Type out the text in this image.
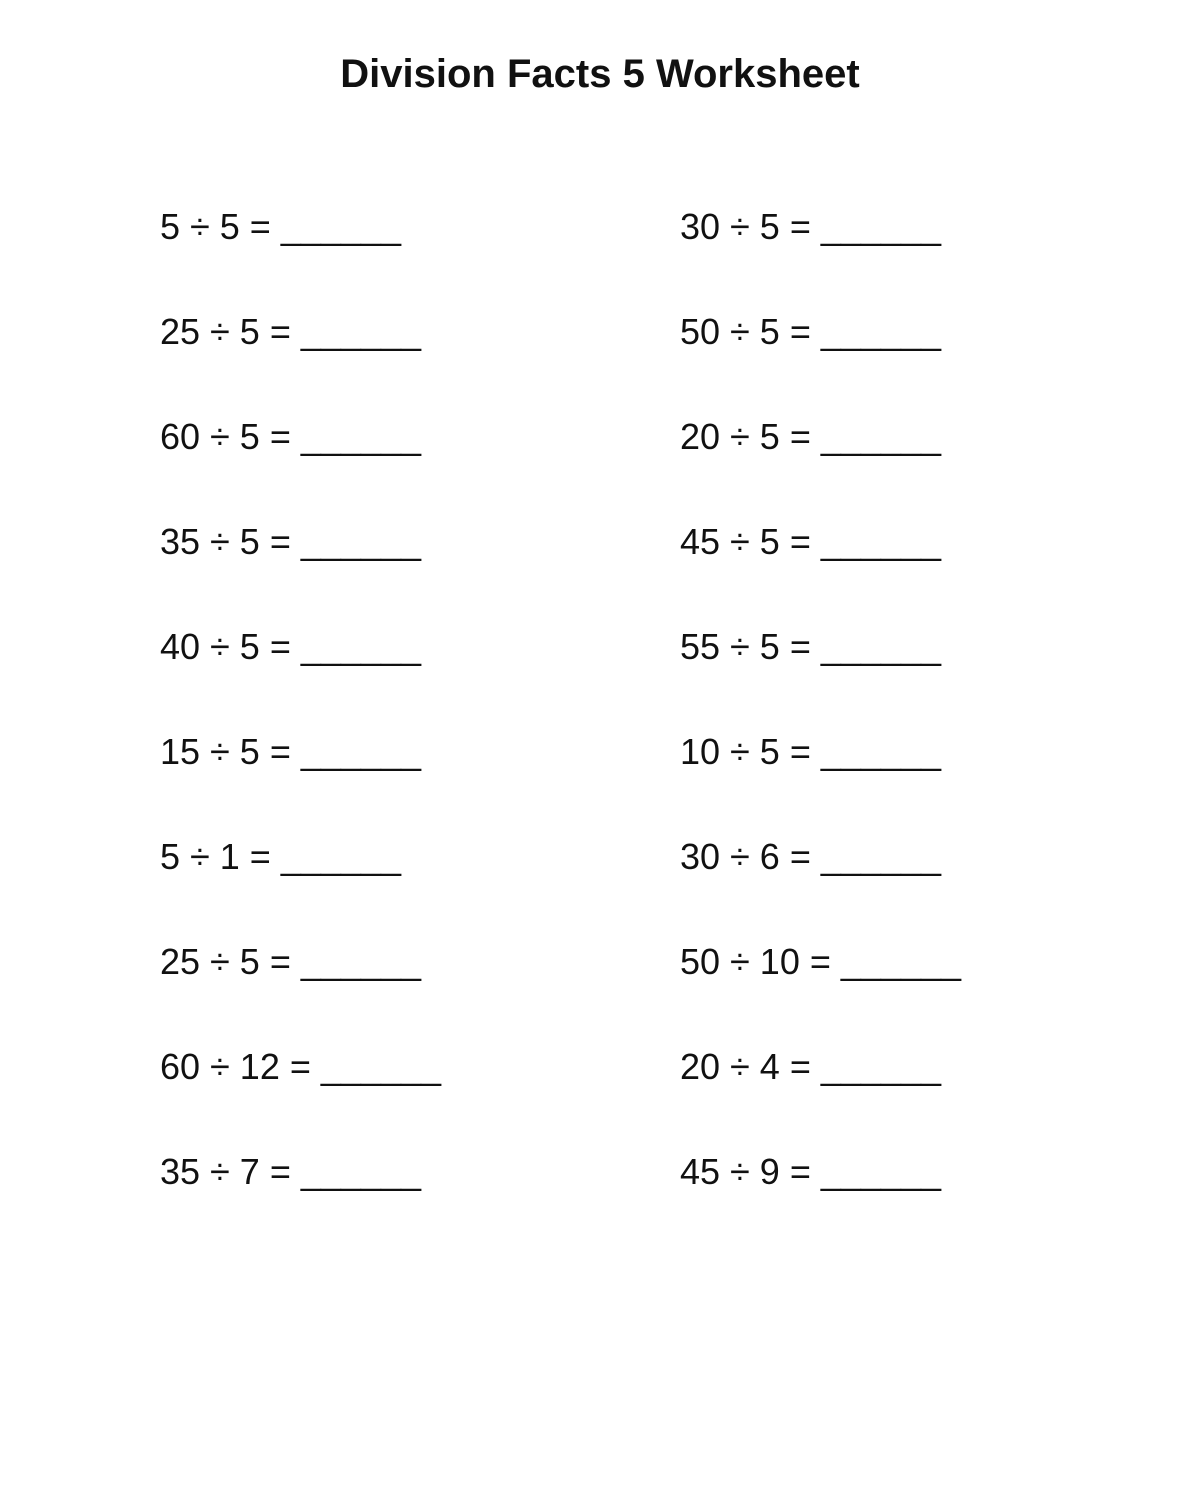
Division Facts 5 Worksheet
5 ÷ 5 = ______	30 ÷ 5 = ______
25 ÷ 5 = ______	50 ÷ 5 = ______
60 ÷ 5 = ______	20 ÷ 5 = ______
35 ÷ 5 = ______	45 ÷ 5 = ______
40 ÷ 5 = ______	55 ÷ 5 = ______
15 ÷ 5 = ______	10 ÷ 5 = ______
5 ÷ 1 = ______	30 ÷ 6 = ______
25 ÷ 5 = ______	50 ÷ 10 = ______
60 ÷ 12 = ______	20 ÷ 4 = ______
35 ÷ 7 = ______	45 ÷ 9 = ______
